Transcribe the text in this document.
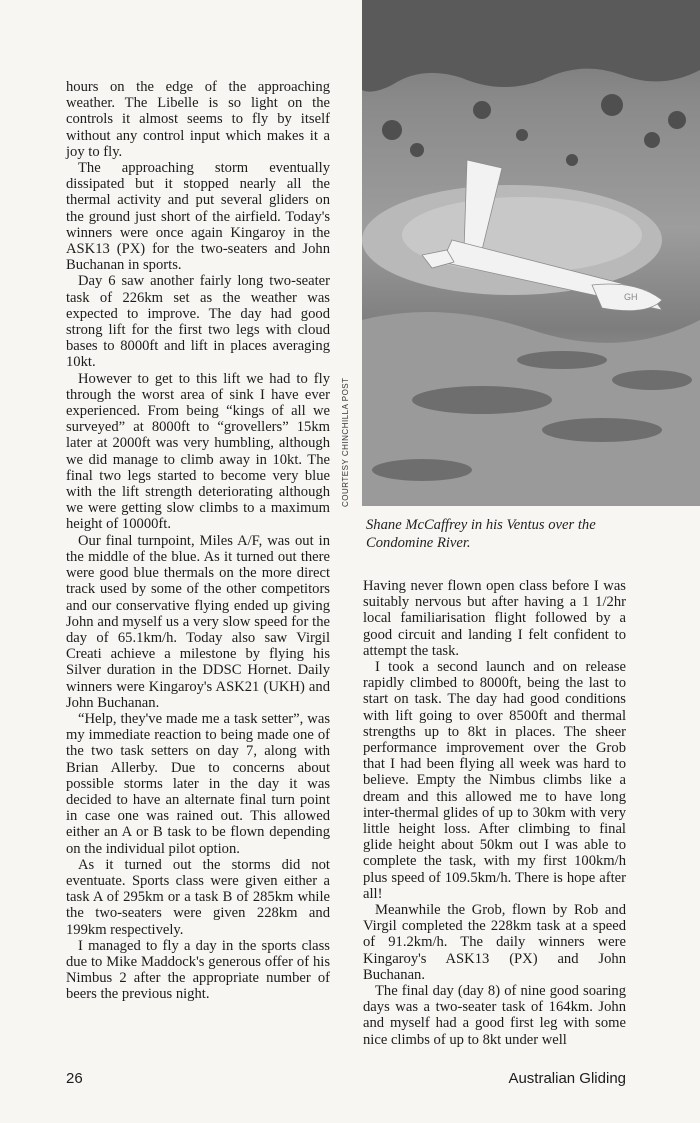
hours on the edge of the approaching weather. The Libelle is so light on the controls it almost seems to fly by itself without any control input which makes it a joy to fly.

The approaching storm eventually dissipated but it stopped nearly all the thermal activity and put several gliders on the ground just short of the airfield. Today's winners were once again Kingaroy in the ASK13 (PX) for the two-seaters and John Buchanan in sports.

Day 6 saw another fairly long two-seater task of 226km set as the weather was expected to improve. The day had good strong lift for the first two legs with cloud bases to 8000ft and lift in places averaging 10kt.

However to get to this lift we had to fly through the worst area of sink I have ever experienced. From being “kings of all we surveyed” at 8000ft to “grovellers” 15km later at 2000ft was very humbling, although we did manage to climb away in 10kt. The final two legs started to become very blue with the lift strength deteriorating although we were getting slow climbs to a maximum height of 10000ft.

Our final turnpoint, Miles A/F, was out in the middle of the blue. As it turned out there were good blue thermals on the more direct track used by some of the other competitors and our conservative flying ended up giving John and myself us a very slow speed for the day of 65.1km/h. Today also saw Virgil Creati achieve a milestone by flying his Silver duration in the DDSC Hornet. Daily winners were Kingaroy's ASK21 (UKH) and John Buchanan.

“Help, they've made me a task setter”, was my immediate reaction to being made one of the two task setters on day 7, along with Brian Allerby. Due to concerns about possible storms later in the day it was decided to have an alternate final turn point in case one was rained out. This allowed either an A or B task to be flown depending on the individual pilot option.

As it turned out the storms did not eventuate. Sports class were given either a task A of 295km or a task B of 285km while the two-seaters were given 228km and 199km respectively.

I managed to fly a day in the sports class due to Mike Maddock's generous offer of his Nimbus 2 after the appropriate number of beers the previous night.

GH
COURTESY CHINCHILLA POST
Shane McCaffrey in his Ventus over the Condomine River.

Having never flown open class before I was suitably nervous but after having a 1 1/2hr local familiarisation flight followed by a good circuit and landing I felt confident to attempt the task.

I took a second launch and on release rapidly climbed to 8000ft, being the last to start on task. The day had good conditions with lift going to over 8500ft and thermal strengths up to 8kt in places. The sheer performance improvement over the Grob that I had been flying all week was hard to believe. Empty the Nimbus climbs like a dream and this allowed me to have long inter-thermal glides of up to 30km with very little height loss. After climbing to final glide height about 50km out I was able to complete the task, with my first 100km/h plus speed of 109.5km/h. There is hope after all!

Meanwhile the Grob, flown by Rob and Virgil completed the 228km task at a speed of 91.2km/h. The daily winners were Kingaroy's ASK13 (PX) and John Buchanan.

The final day (day 8) of nine good soaring days was a two-seater task of 164km. John and myself had a good first leg with some nice climbs of up to 8kt under well

26	Australian Gliding
